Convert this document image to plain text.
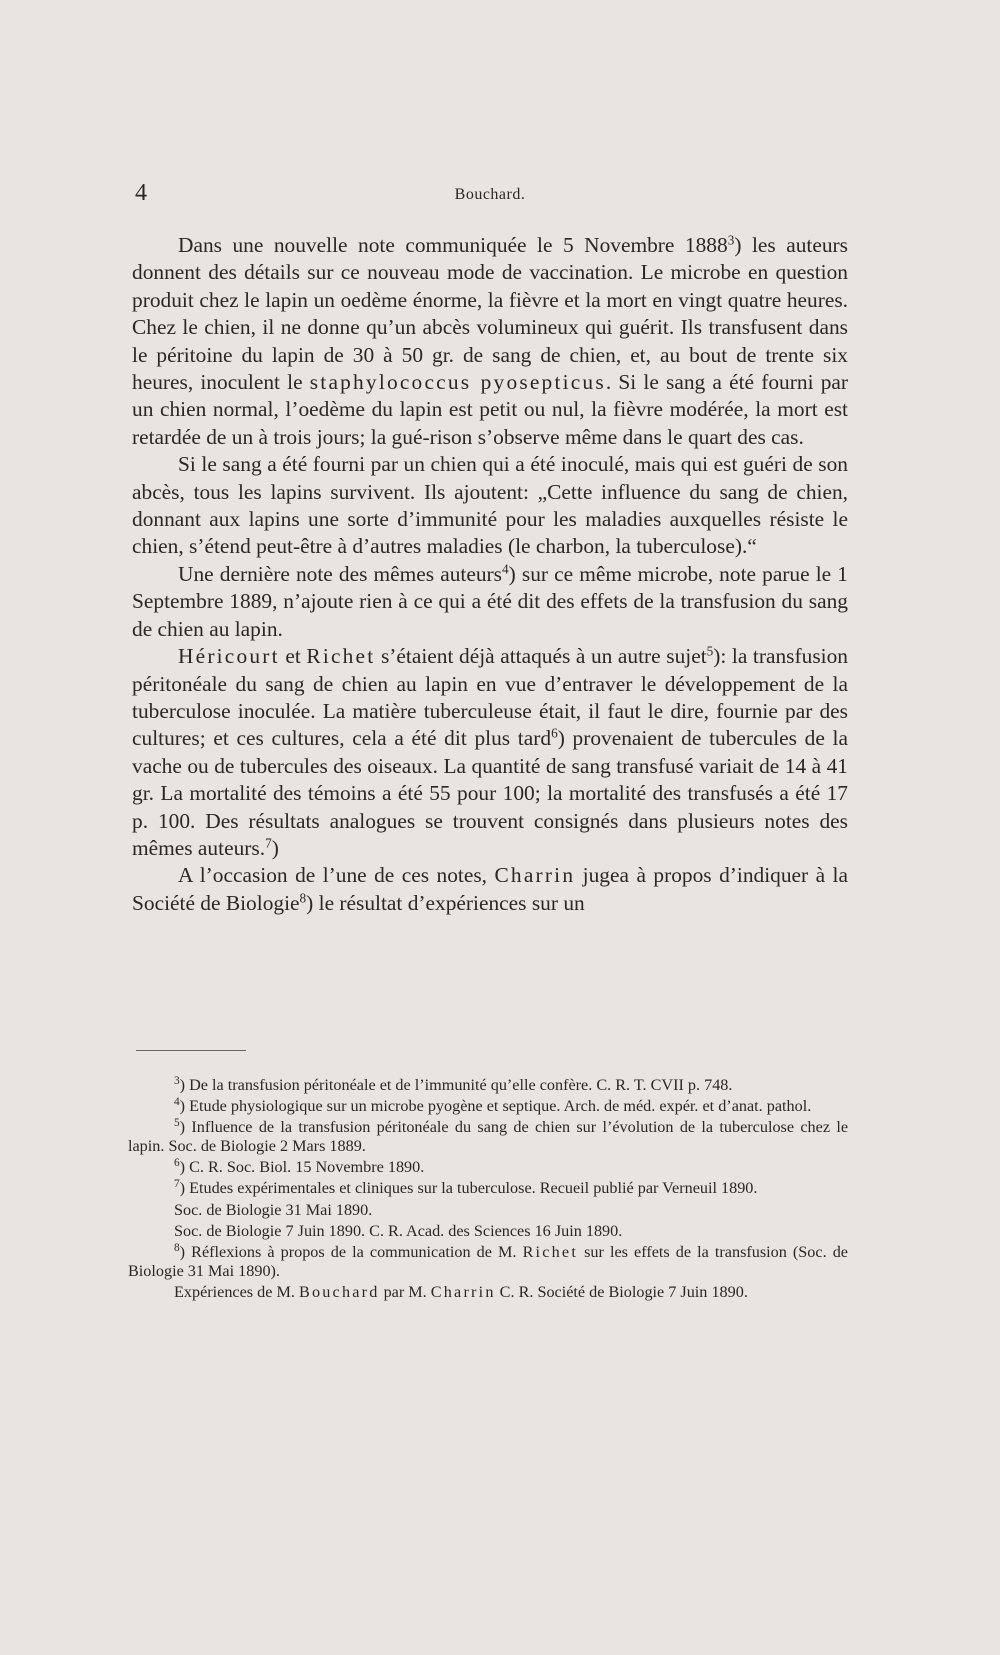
4	Bouchard.

Dans une nouvelle note communiquée le 5 Novembre 1888$^3$) les auteurs donnent des détails sur ce nouveau mode de vaccination. Le microbe en question produit chez le lapin un oedème énorme, la fièvre et la mort en vingt quatre heures. Chez le chien, il ne donne qu’un abcès volumineux qui guérit. Ils transfusent dans le péritoine du lapin de 30 à 50 gr. de sang de chien, et, au bout de trente six heures, inoculent le staphylococcus pyosepticus. Si le sang a été fourni par un chien normal, l’oedème du lapin est petit ou nul, la fièvre modérée, la mort est retardée de un à trois jours; la gué-rison s’observe même dans le quart des cas.

Si le sang a été fourni par un chien qui a été inoculé, mais qui est guéri de son abcès, tous les lapins survivent. Ils ajoutent: „Cette influence du sang de chien, donnant aux lapins une sorte d’immunité pour les maladies auxquelles résiste le chien, s’étend peut-être à d’autres maladies (le charbon, la tuberculose).“

Une dernière note des mêmes auteurs$^4$) sur ce même microbe, note parue le 1 Septembre 1889, n’ajoute rien à ce qui a été dit des effets de la transfusion du sang de chien au lapin.

Héricourt et Richet s’étaient déjà attaqués à un autre sujet$^5$): la transfusion péritonéale du sang de chien au lapin en vue d’entraver le développement de la tuberculose inoculée. La matière tuberculeuse était, il faut le dire, fournie par des cultures; et ces cultures, cela a été dit plus tard$^6$) provenaient de tubercules de la vache ou de tubercules des oiseaux. La quantité de sang transfusé variait de 14 à 41 gr. La mortalité des témoins a été 55 pour 100; la mortalité des transfusés a été 17 p. 100. Des résultats analogues se trouvent consignés dans plusieurs notes des mêmes auteurs.$^7$)

A l’occasion de l’une de ces notes, Charrin jugea à propos d’indiquer à la Société de Biologie$^8$) le résultat d’expériences sur un

$^3$) De la transfusion péritonéale et de l’immunité qu’elle confère. C. R. T. CVII p. 748.

$^4$) Etude physiologique sur un microbe pyogène et septique. Arch. de méd. expér. et d’anat. pathol.

$^5$) Influence de la transfusion péritonéale du sang de chien sur l’évolution de la tuberculose chez le lapin. Soc. de Biologie 2 Mars 1889.

$^6$) C. R. Soc. Biol. 15 Novembre 1890.

$^7$) Etudes expérimentales et cliniques sur la tuberculose. Recueil publié par Verneuil 1890.

Soc. de Biologie 31 Mai 1890.

Soc. de Biologie 7 Juin 1890. C. R. Acad. des Sciences 16 Juin 1890.

$^8$) Réflexions à propos de la communication de M. Richet sur les effets de la transfusion (Soc. de Biologie 31 Mai 1890).

Expériences de M. Bouchard par M. Charrin C. R. Société de Biologie 7 Juin 1890.
